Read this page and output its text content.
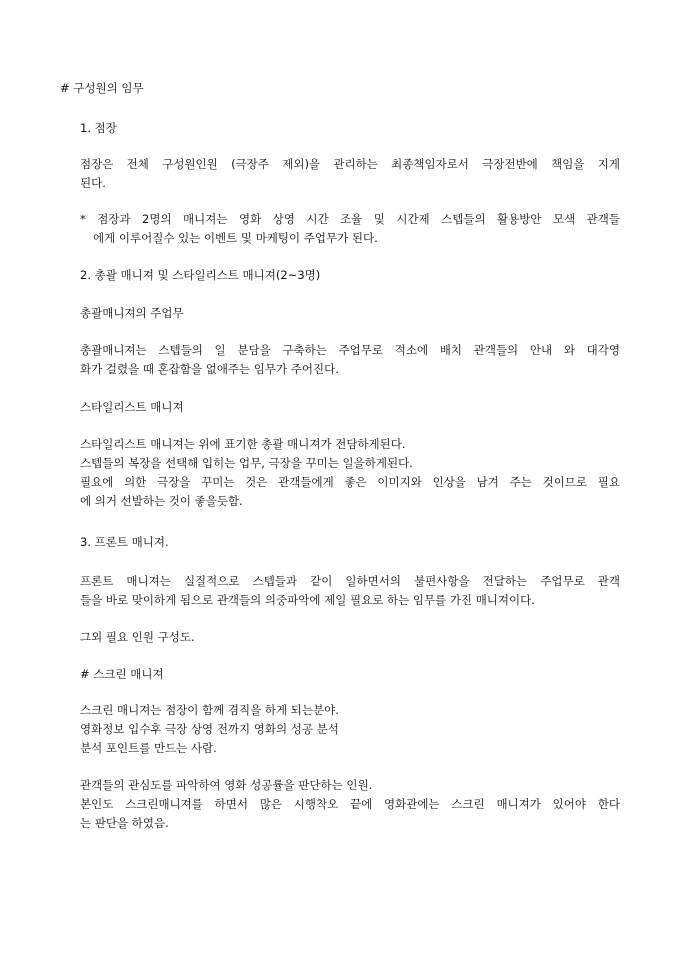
# 구성원의 임무
1. 점장
점장은 전체 구성원인원 (극장주 제외)을 관리하는 최종책임자로서 극장전반에 책임을 지게
된다.
* 점장과 2명의 매니져는 영화 상영 시간 조율 및 시간제 스텝들의 활용방안 모색 관객들
에게 이루어질수 있는 이벤트 및 마케팅이 주업무가 된다.
2. 총괄 매니져 및 스타일리스트 매니져(2~3명)
총괄매니져의 주업무
총괄매니져는 스텝들의 일 분담을 구축하는 주업무로 적소에 배치 관객들의 안내 와 대각영
화가 걸렸을 때 혼잡함을 없애주는 임무가 주어진다.
스타일리스트 매니져
스타일리스트 매니져는 위에 표기한 총괄 매니져가 전담하게된다.
스텝들의 복장을 선택해 입히는 업무, 극장을 꾸미는 일을하게된다.
필요에 의한 극장을 꾸미는 것은 관객들에게 좋은 이미지와 인상을 남겨 주는 것이므로 필요
에 의거 선발하는 것이 좋을듯함.
3. 프론트 매니져.
프론트 매니져는 실질적으로 스텝들과 같이 일하면서의 불편사항을 전달하는 주업무로 관객
들을 바로 맞이하게 됨으로 관객들의 의중파악에 제일 필요로 하는 임무를 가진 매니져이다.
그외 필요 인원 구성도.
# 스크린 매니져
스크린 매니져는 점장이 함께 겸직을 하게 되는분야.
영화정보 입수후 극장 상영 전까지 영화의 성공 분석
분석 포인트를 만드는 사람.
관객들의 관심도를 파악하여 영화 성공률을 판단하는 인원.
본인도 스크린매니져를 하면서 많은 시행착오 끝에 영화관에는 스크린 매니져가 있어야 한다
는 판단을 하였음.
